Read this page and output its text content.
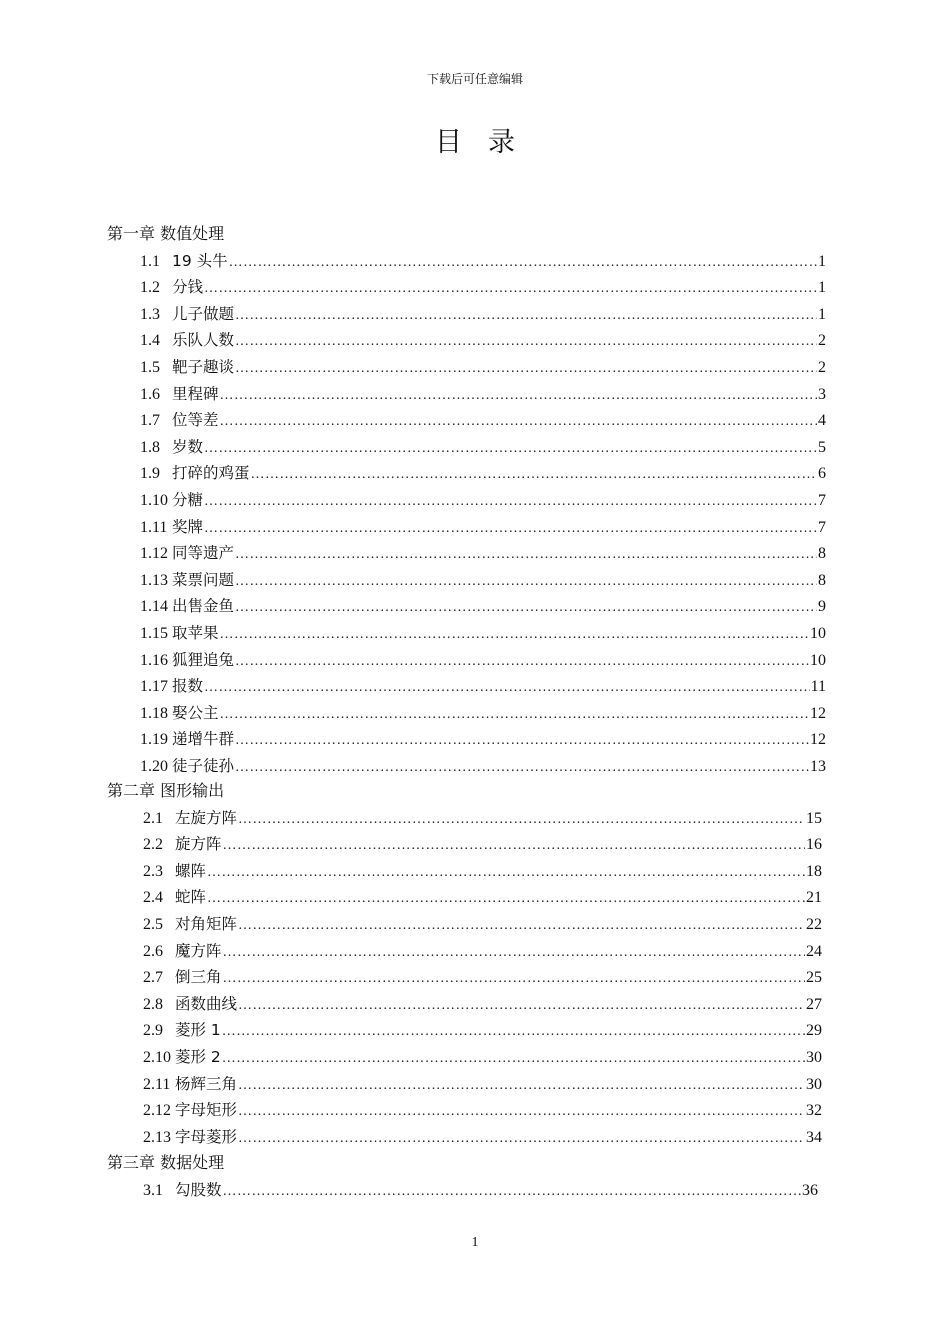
下载后可任意编辑
目录
第一章 数值处理
1.1 19 头牛 ……………………………………………………………………………………………………………………………………………………………………………………………………………………	1
1.2 分钱 ……………………………………………………………………………………………………………………………………………………………………………………………………………………	1
1.3 儿子做题 ……………………………………………………………………………………………………………………………………………………………………………………………………………………	1
1.4 乐队人数 ……………………………………………………………………………………………………………………………………………………………………………………………………………………	2
1.5 靶子趣谈 ……………………………………………………………………………………………………………………………………………………………………………………………………………………	2
1.6 里程碑 ……………………………………………………………………………………………………………………………………………………………………………………………………………………	3
1.7 位等差 ……………………………………………………………………………………………………………………………………………………………………………………………………………………	4
1.8 岁数 ……………………………………………………………………………………………………………………………………………………………………………………………………………………	5
1.9 打碎的鸡蛋 ……………………………………………………………………………………………………………………………………………………………………………………………………………………	6
1.10 分糖 ……………………………………………………………………………………………………………………………………………………………………………………………………………………	7
1.11 奖牌 ……………………………………………………………………………………………………………………………………………………………………………………………………………………	7
1.12 同等遗产 ……………………………………………………………………………………………………………………………………………………………………………………………………………………	8
1.13 菜票问题 ……………………………………………………………………………………………………………………………………………………………………………………………………………………	8
1.14 出售金鱼 ……………………………………………………………………………………………………………………………………………………………………………………………………………………	9
1.15 取苹果 ……………………………………………………………………………………………………………………………………………………………………………………………………………………	10
1.16 狐狸追兔 ……………………………………………………………………………………………………………………………………………………………………………………………………………………	10
1.17 报数 ……………………………………………………………………………………………………………………………………………………………………………………………………………………	11
1.18 娶公主 ……………………………………………………………………………………………………………………………………………………………………………………………………………………	12
1.19 递增牛群 ……………………………………………………………………………………………………………………………………………………………………………………………………………………	12
1.20 徒子徒孙 ……………………………………………………………………………………………………………………………………………………………………………………………………………………	13
第二章 图形输出
2.1 左旋方阵 ……………………………………………………………………………………………………………………………………………………………………………………………………………………	15
2.2 旋方阵 ……………………………………………………………………………………………………………………………………………………………………………………………………………………	16
2.3 螺阵 ……………………………………………………………………………………………………………………………………………………………………………………………………………………	18
2.4 蛇阵 ……………………………………………………………………………………………………………………………………………………………………………………………………………………	21
2.5 对角矩阵 ……………………………………………………………………………………………………………………………………………………………………………………………………………………	22
2.6 魔方阵 ……………………………………………………………………………………………………………………………………………………………………………………………………………………	24
2.7 倒三角 ……………………………………………………………………………………………………………………………………………………………………………………………………………………	25
2.8 函数曲线 ……………………………………………………………………………………………………………………………………………………………………………………………………………………	27
2.9 菱形 1 ……………………………………………………………………………………………………………………………………………………………………………………………………………………	29
2.10 菱形 2 ……………………………………………………………………………………………………………………………………………………………………………………………………………………	30
2.11 杨辉三角 ……………………………………………………………………………………………………………………………………………………………………………………………………………………	30
2.12 字母矩形 ……………………………………………………………………………………………………………………………………………………………………………………………………………………	32
2.13 字母菱形 ……………………………………………………………………………………………………………………………………………………………………………………………………………………	34
第三章 数据处理
3.1 勾股数 ……………………………………………………………………………………………………………………………………………………………………………………………………………………	36
1
